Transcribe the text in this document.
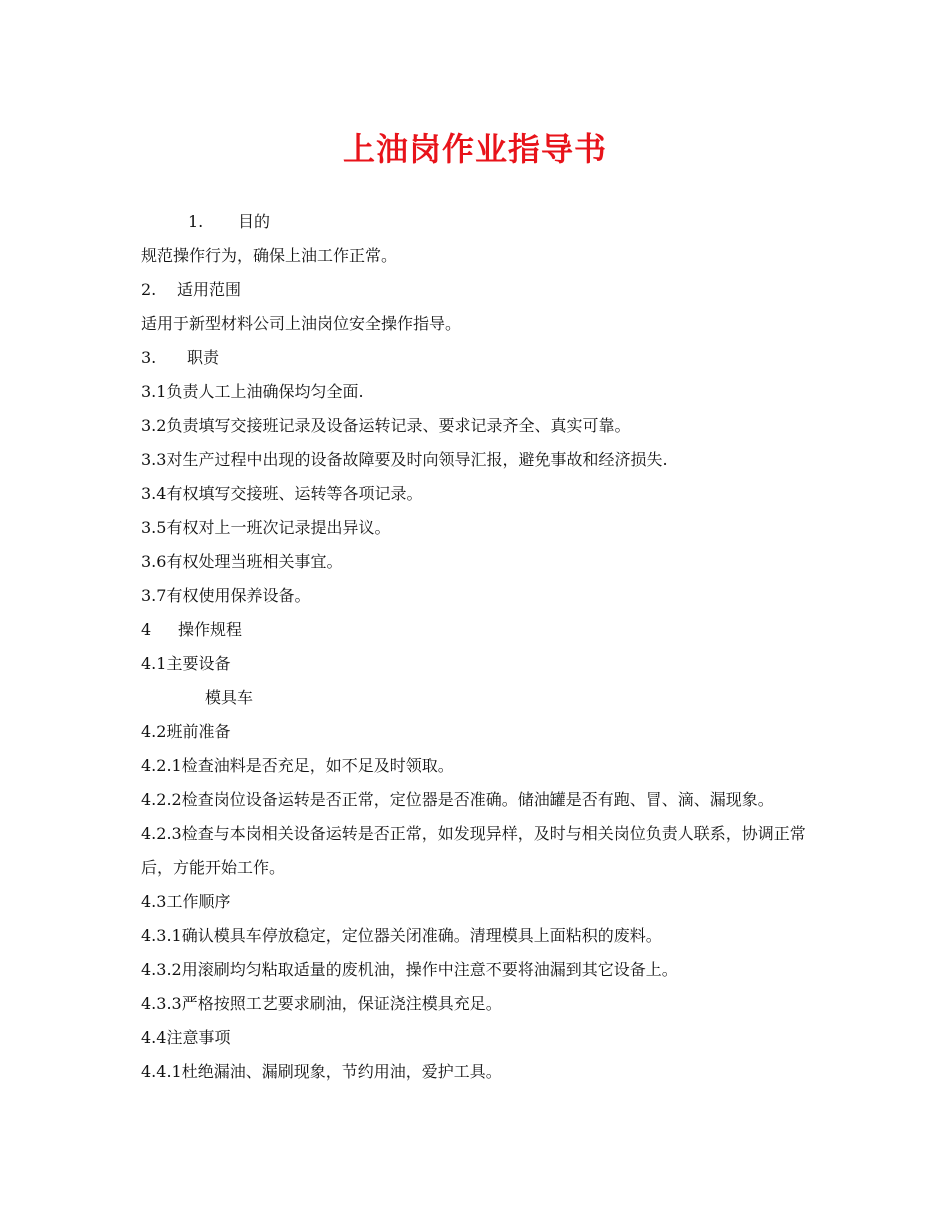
上油岗作业指导书
1. 目的
规范操作行为，确保上油工作正常。
2. 适用范围
适用于新型材料公司上油岗位安全操作指导。
3. 职责
3.1负责人工上油确保均匀全面.
3.2负责填写交接班记录及设备运转记录、要求记录齐全、真实可靠。
3.3对生产过程中出现的设备故障要及时向领导汇报，避免事故和经济损失.
3.4有权填写交接班、运转等各项记录。
3.5有权对上一班次记录提出异议。
3.6有权处理当班相关事宜。
3.7有权使用保养设备。
4 操作规程
4.1主要设备
模具车
4.2班前准备
4.2.1检查油料是否充足，如不足及时领取。
4.2.2检查岗位设备运转是否正常，定位器是否准确。储油罐是否有跑、冒、滴、漏现象。
4.2.3检查与本岗相关设备运转是否正常，如发现异样，及时与相关岗位负责人联系，协调正常后，方能开始工作。
4.3工作顺序
4.3.1确认模具车停放稳定，定位器关闭准确。清理模具上面粘积的废料。
4.3.2用滚刷均匀粘取适量的废机油，操作中注意不要将油漏到其它设备上。
4.3.3严格按照工艺要求刷油，保证浇注模具充足。
4.4注意事项
4.4.1杜绝漏油、漏刷现象，节约用油，爱护工具。
